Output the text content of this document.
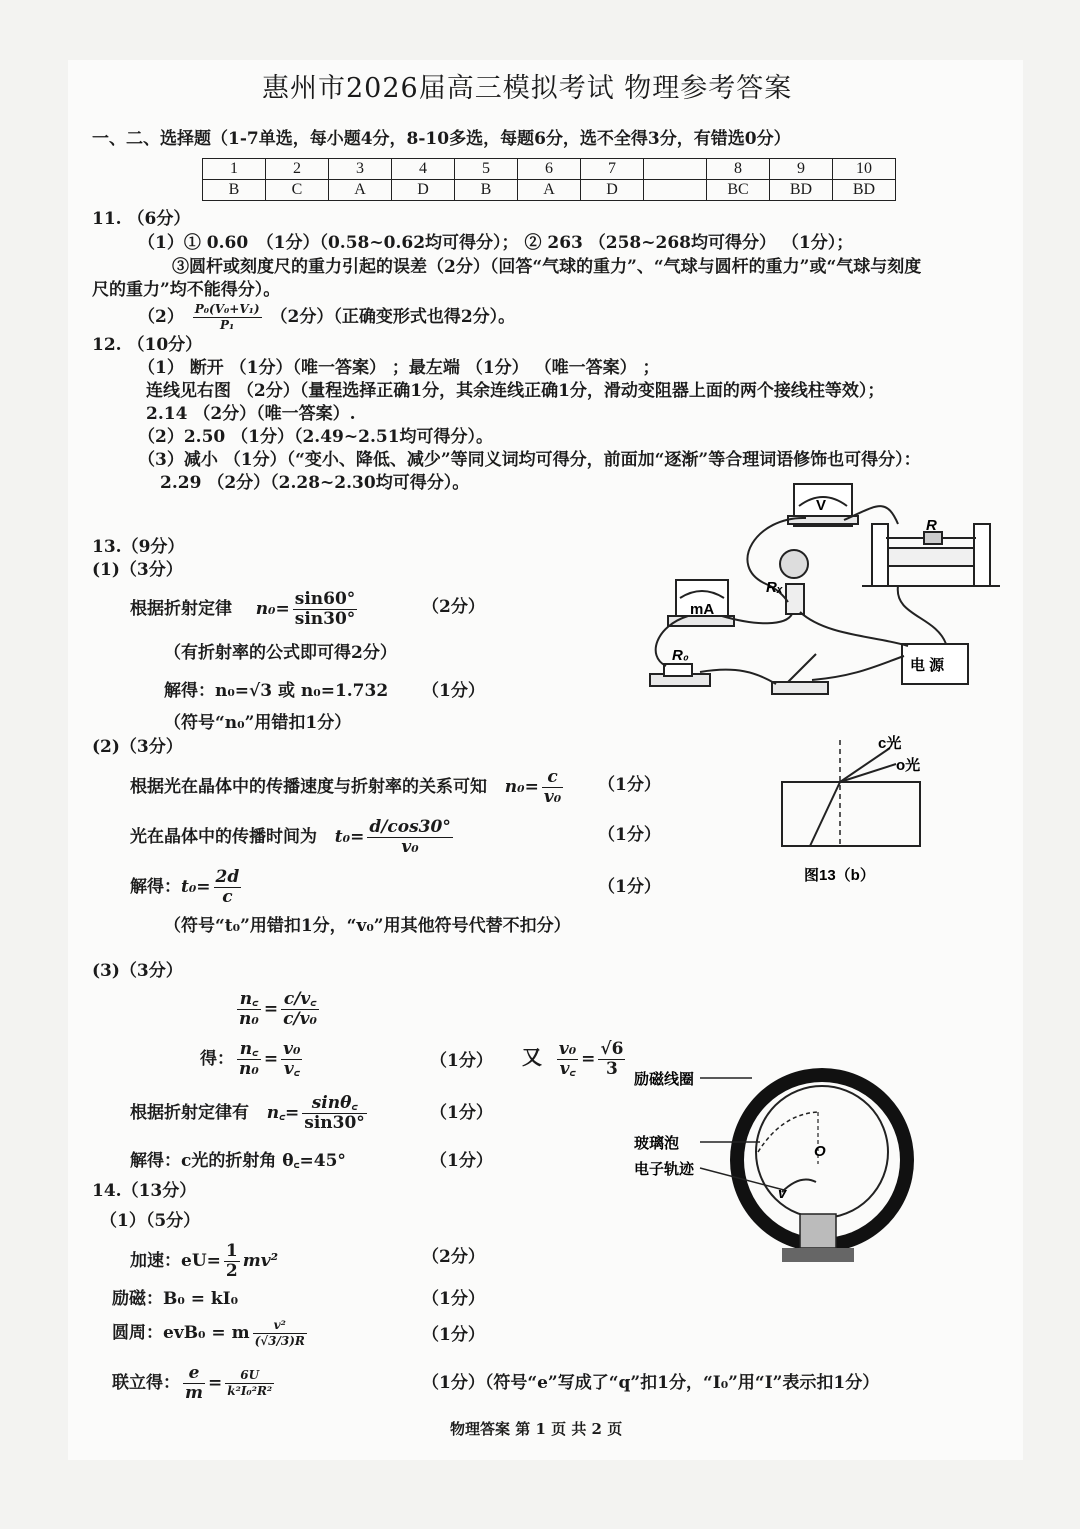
惠州市2026届高三模拟考试 物理参考答案
一、二、选择题（1-7单选，每小题4分，8-10多选，每题6分，选不全得3分，有错选0分）
1	2	3	4	5	6	7		8	9	10
B	C	A	D	B	A	D		BC	BD	BD
11. （6分）
（1）① 0.60　（1分）（0.58~0.62均可得分）； ② 263 （258~268均可得分） （1分）；
③圆杆或刻度尺的重力引起的误差（2分）（回答“气球的重力”、“气球与圆杆的重力”或“气球与刻度
尺的重力”均不能得分）。
$(2) \frac{\text{P₀(V₀+V₁)}}{\text{P₁}} (2$分）（正确变形式也得2分）。
12. （10分）
（1） 断开 （1分）（唯一答案） ；最左端 （1分） （唯一答案） ；
连线见右图 （2分）（量程选择正确1分，其余连线正确1分，滑动变阻器上面的两个接线柱等效）；
2.14 （2分）（唯一答案）.
（2）2.50 （1分）（2.49~2.51均可得分）。
（3）减小 （1分）（“变小、降低、减少”等同义词均可得分，前面加“逐渐”等合理词语修饰也可得分）：
2.29 （2分）（2.28~2.30均可得分）。
13.（9分）
(1)（3分）
根据折射定律 $n_0= \frac{\sin 60^\circ}{\sin 30^\circ}$	（2分）
（有折射率的公式即可得2分）
解得：n₀=√3 或 n₀=1.732 （1分）
（符号“n₀”用错扣1分）
(2)（3分）
根据光在晶体中的传播速度与折射率的关系可知 $n_0= \frac{c}{\text{v₀}} (1$分）
光在晶体中的传播时间为 $t_0= \frac{d/\cos 30^\circ}{\text{v₀}}$	（1分）
解得：$t_0= \frac{2d}{c}$	（1分）
（符号“t₀”用错扣1分，“v₀”用其他符号代替不扣分）
(3)（3分）
$\frac{n꜀}{\text{n₀}} = \frac{c/v꜀}{\text{c/v₀}}$
得： $\frac{n꜀}{\text{n₀}} = \frac{\text{v₀}}{v꜀}$	（1分） 又 $\frac{\text{v₀}}{v꜀} = \frac{√6}{3}$
根据折射定律有 n꜀= $\frac{\sin\theta꜀}{\sin 30^\circ}$	（1分）
解得：c光的折射角 θ꜀=45°	（1分）
14.（13分）
（1）（5分）
加速：$eU= \frac{1}{2} mv^2$	（2分）
励磁：B₀ = kI₀	（1分）
圆周：evB₀ = m $\frac{\text{v²}}{(√3/3)R}$	（1分）
联立得： $\frac{e}{m} = \frac{6U}{\text{k²I₀²R²}}$	（1分）（符号“e”写成了“q”扣1分，“I₀”用“I”表示扣1分）
物理答案 第 1 页 共 2 页
V
mA
R
Rₓ
R₀
电 源
c光
o光
图13（b）
励磁线圈
玻璃泡
电子轨迹
O
v
